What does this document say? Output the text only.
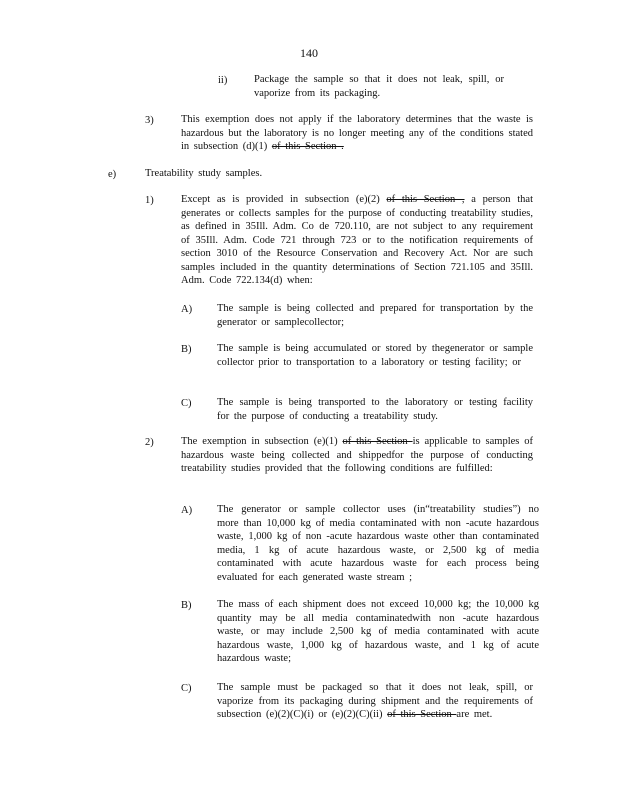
140
ii)	Package the sample so that it does not leak, spill, or vaporize from its packaging.
3)	This exemption does not apply if the laboratory determines that the waste is hazardous but the laboratory is no longer meeting any of the conditions stated in subsection (d)(1) of this Section .
e)	Treatability study samples.
1)	Except as is provided in subsection (e)(2) of this Section , a person that generates or collects samples for the purpose of conducting treatability studies, as defined in 35Ill. Adm. Co de 720.110, are not subject to any requirement of 35Ill. Adm. Code 721 through 723 or to the notification requirements of section 3010 of the Resource Conservation and Recovery Act. Nor are such samples included in the quantity determinations of Section 721.105 and 35Ill. Adm. Code 722.134(d) when:
A) The sample is being collected and prepared for transportation by the generator or samplecollector;
B) The sample is being accumulated or stored by thegenerator or sample collector prior to transportation to a laboratory or testing facility; or
C) The sample is being transported to the laboratory or testing facility for the purpose of conducting a treatability study.
2)	The exemption in subsection (e)(1) of this Section is applicable to samples of hazardous waste being collected and shippedfor the purpose of conducting treatability studies provided that the following conditions are fulfilled:
A) The generator or sample collector uses (in“treatability studies”) no more than 10,000 kg of media contaminated with non -acute hazardous waste, 1,000 kg of non -acute hazardous waste other than contaminated media, 1 kg of acute hazardous waste, or 2,500 kg of media contaminated with acute hazardous waste for each process being evaluated for each generated waste stream ;
B) The mass of each shipment does not exceed 10,000 kg; the 10,000 kg quantity may be all media contaminatedwith non -acute hazardous waste, or may include 2,500 kg of media contaminated with acute hazardous waste, 1,000 kg of hazardous waste, and 1 kg of acute hazardous waste;
C) The sample must be packaged so that it does not leak, spill, or vaporize from its packaging during shipment and the requirements of subsection (e)(2)(C)(i) or (e)(2)(C)(ii) of this Section are met.
